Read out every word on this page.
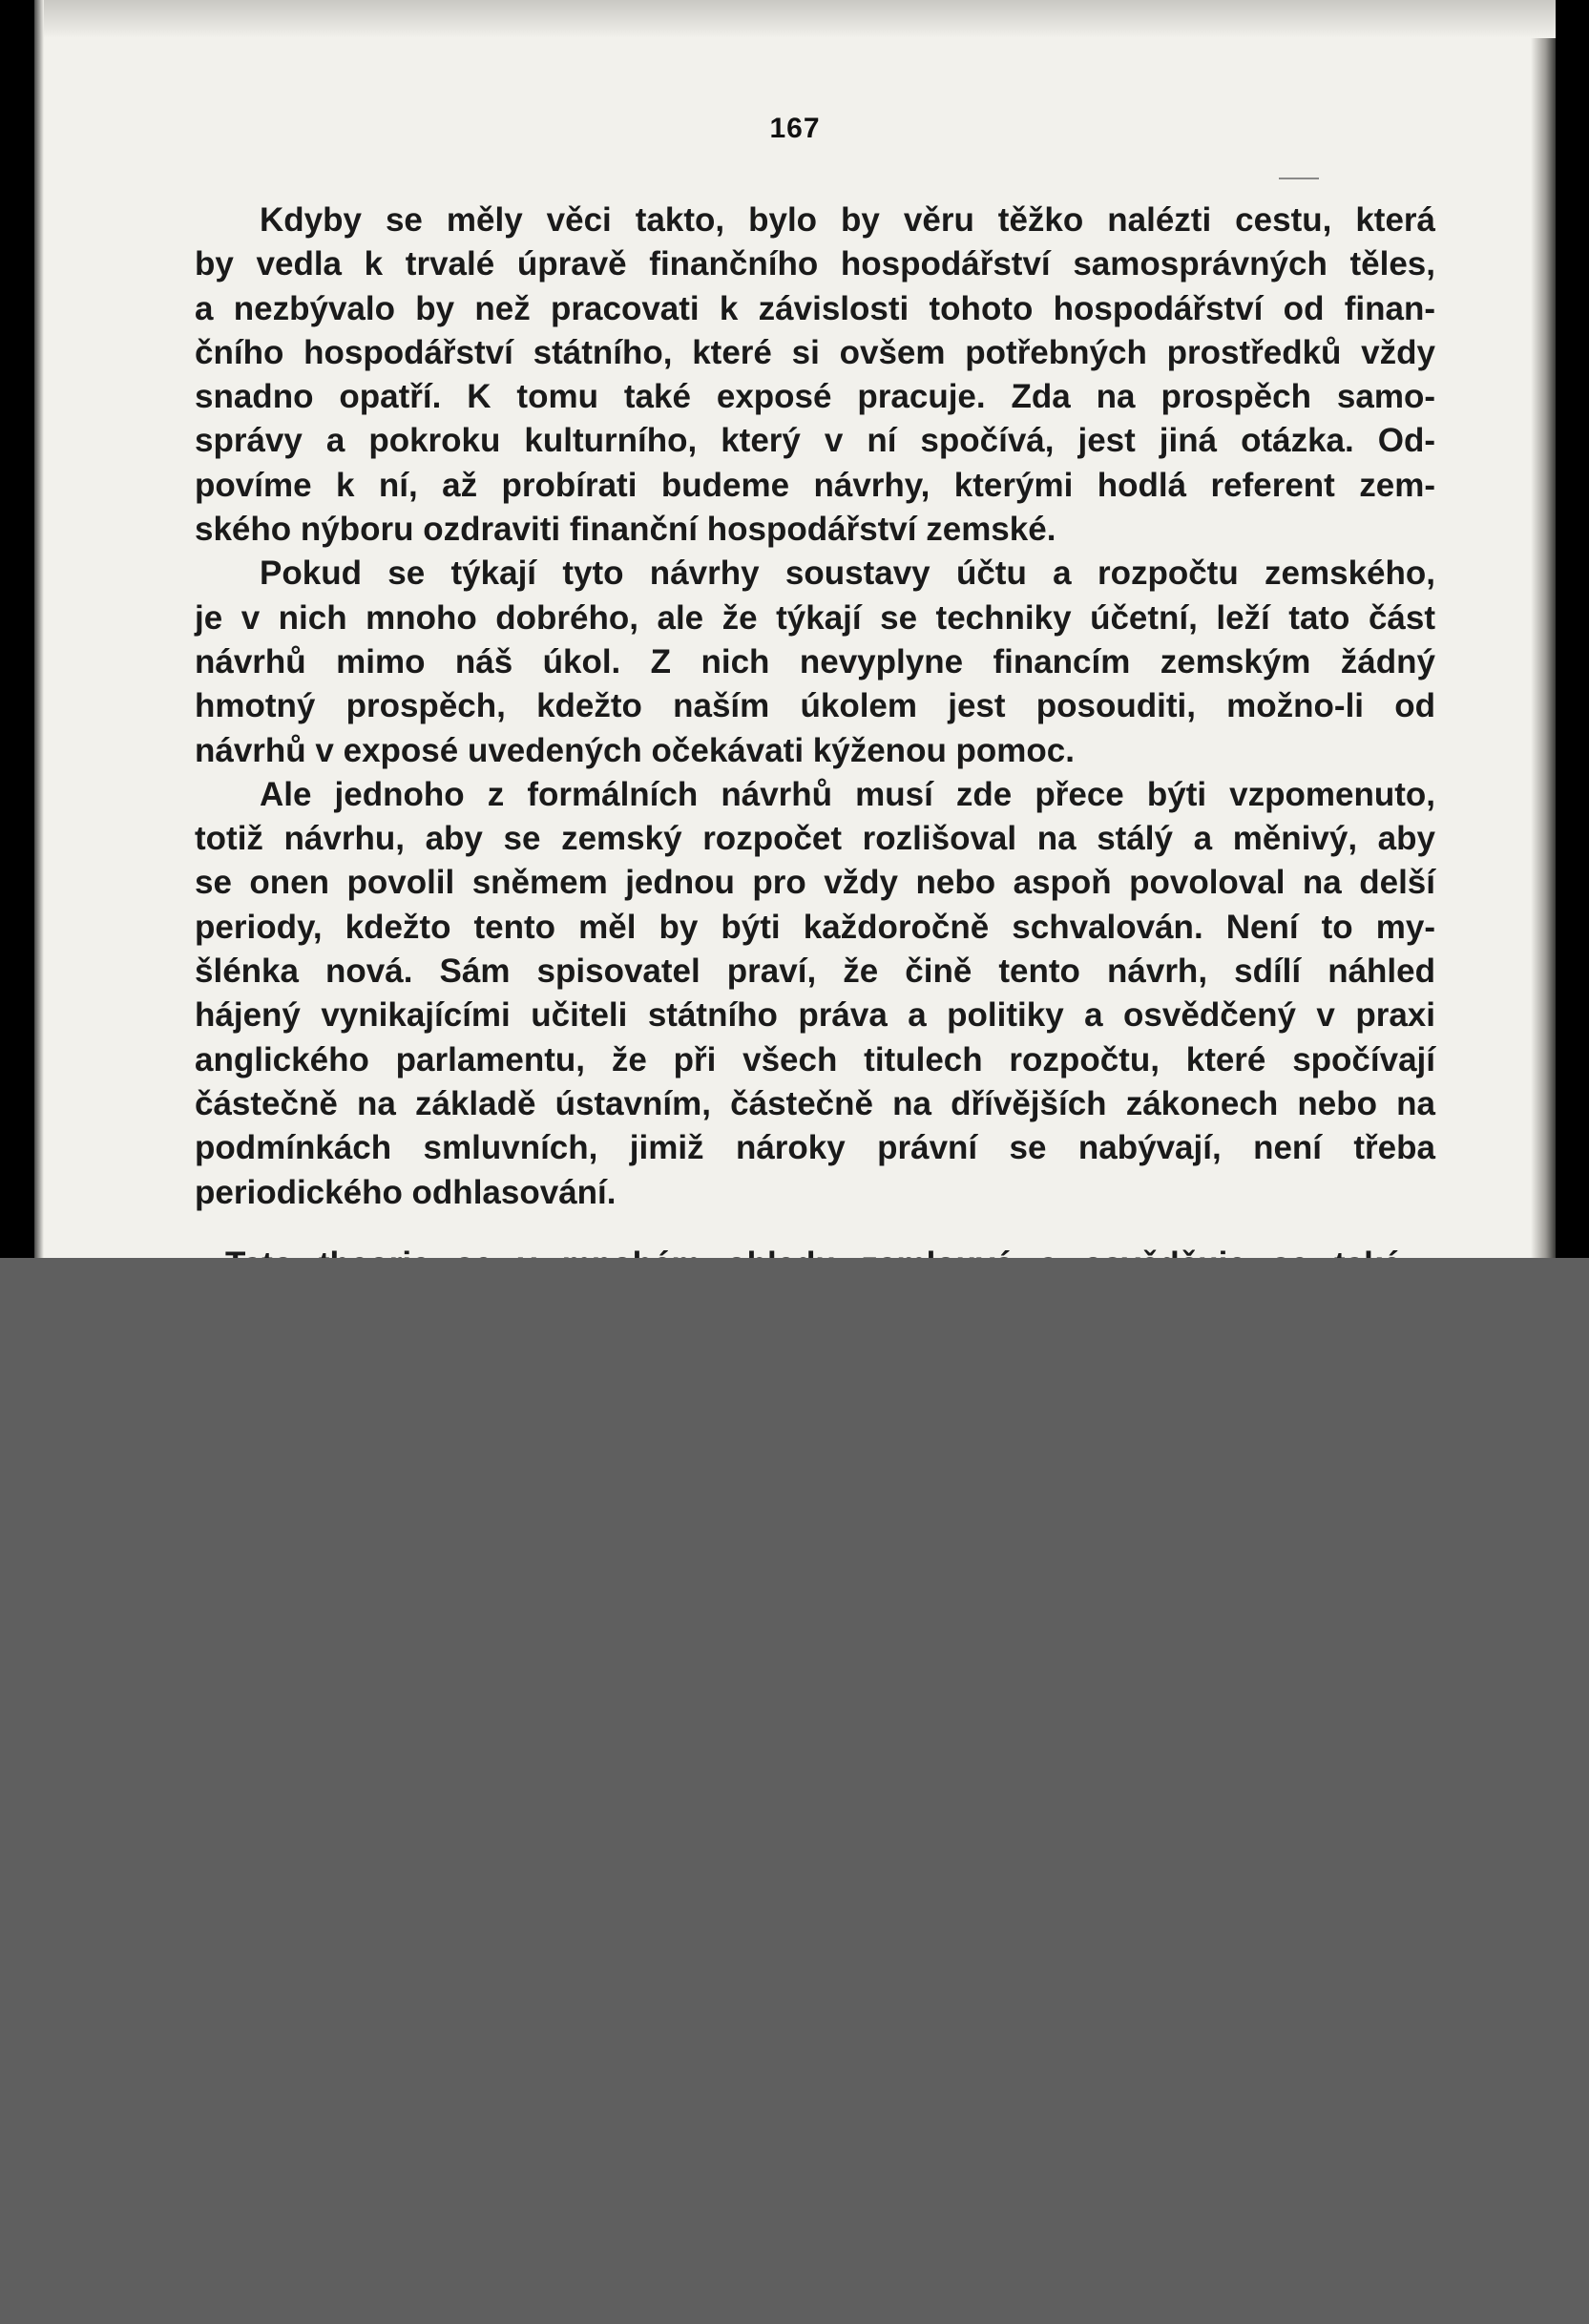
167
Kdyby se měly věci takto, bylo by věru těžko nalézti cestu, která
by vedla k trvalé úpravě finančního hospodářství samosprávných těles,
a nezbývalo by než pracovati k závislosti tohoto hospodářství od finan-
čního hospodářství státního, které si ovšem potřebných prostředků vždy
snadno opatří. K tomu také exposé pracuje. Zda na prospěch samo-
správy a pokroku kulturního, který v ní spočívá, jest jiná otázka. Od-
povíme k ní, až probírati budeme návrhy, kterými hodlá referent zem-
ského nýboru ozdraviti finanční hospodářství zemské.
Pokud se týkají tyto návrhy soustavy účtu a rozpočtu zemského,
je v nich mnoho dobrého, ale že týkají se techniky účetní, leží tato část
návrhů mimo náš úkol. Z nich nevyplyne financím zemským žádný
hmotný prospěch, kdežto naším úkolem jest posouditi, možno-li od
návrhů v exposé uvedených očekávati kýženou pomoc.
Ale jednoho z formálních návrhů musí zde přece býti vzpomenuto,
totiž návrhu, aby se zemský rozpočet rozlišoval na stálý a měnivý, aby
se onen povolil sněmem jednou pro vždy nebo aspoň povoloval na delší
periody, kdežto tento měl by býti každoročně schvalován. Není to my-
šlénka nová. Sám spisovatel praví, že čině tento návrh, sdílí náhled
hájený vynikajícími učiteli státního práva a politiky a osvědčený v praxi
anglického parlamentu, že při všech titulech rozpočtu, které spočívají
částečně na základě ústavním, částečně na dřívějších zákonech nebo na
podmínkách smluvních, jimiž nároky právní se nabývají, není třeba
periodického odhlasování.
